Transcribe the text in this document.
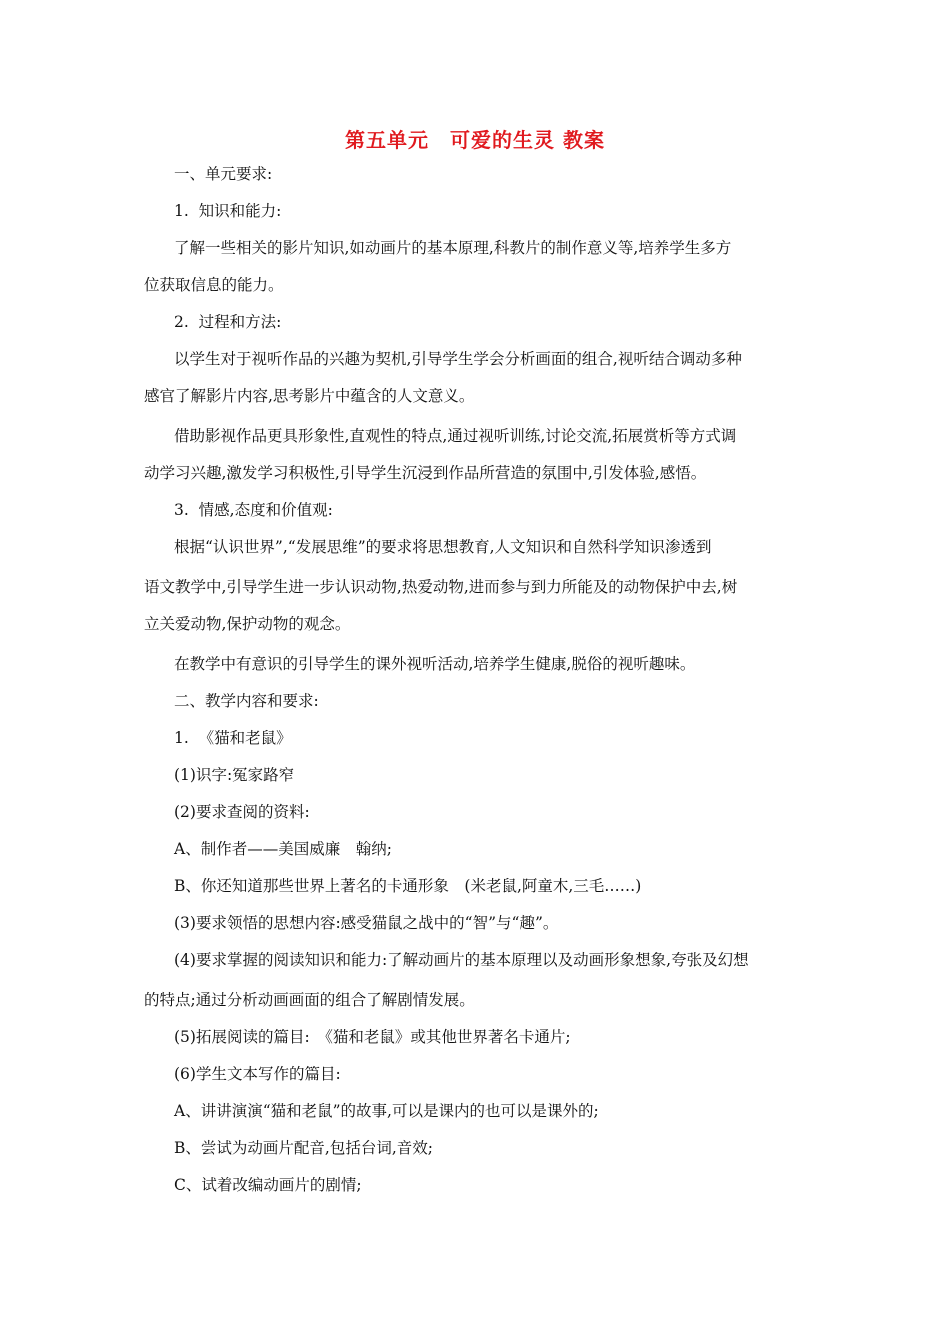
第五单元　可爱的生灵 教案
一、单元要求:
1.  知识和能力:
了解一些相关的影片知识,如动画片的基本原理,科教片的制作意义等,培养学生多方
位获取信息的能力。
2.  过程和方法:
以学生对于视听作品的兴趣为契机,引导学生学会分析画面的组合,视听结合调动多种
感官了解影片内容,思考影片中蕴含的人文意义。
借助影视作品更具形象性,直观性的特点,通过视听训练,讨论交流,拓展赏析等方式调
动学习兴趣,激发学习积极性,引导学生沉浸到作品所营造的氛围中,引发体验,感悟。
3.  情感,态度和价值观:
根据“认识世界”,“发展思维”的要求将思想教育,人文知识和自然科学知识渗透到
语文教学中,引导学生进一步认识动物,热爱动物,进而参与到力所能及的动物保护中去,树
立关爱动物,保护动物的观念。
在教学中有意识的引导学生的课外视听活动,培养学生健康,脱俗的视听趣味。
二、教学内容和要求:
1.  《猫和老鼠》
(1)识字:冤家路窄
(2)要求查阅的资料:
A、制作者——美国威廉　翰纳;
B、你还知道那些世界上著名的卡通形象　(米老鼠,阿童木,三毛……)
(3)要求领悟的思想内容:感受猫鼠之战中的“智”与“趣”。
(4)要求掌握的阅读知识和能力:了解动画片的基本原理以及动画形象想象,夸张及幻想
的特点;通过分析动画画面的组合了解剧情发展。
(5)拓展阅读的篇目:　《猫和老鼠》或其他世界著名卡通片;
(6)学生文本写作的篇目:
A、讲讲演演“猫和老鼠”的故事,可以是课内的也可以是课外的;
B、尝试为动画片配音,包括台词,音效;
C、试着改编动画片的剧情;
